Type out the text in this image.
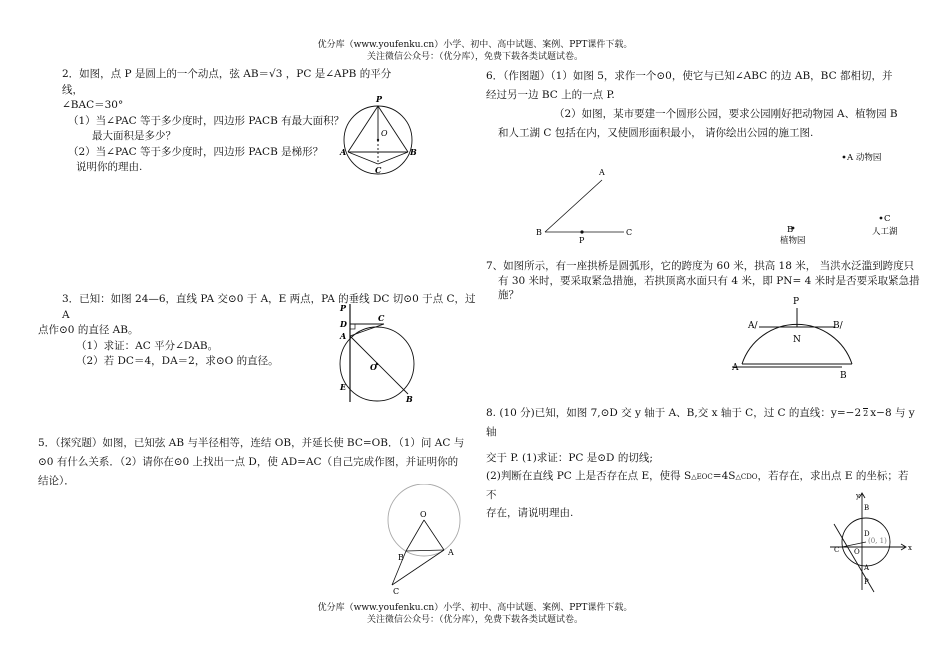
优分库（www.youfenku.cn）小学、初中、高中试题、案例、PPT课件下载。
关注微信公众号：（优分库），免费下载各类试题试卷。
优分库（www.youfenku.cn）小学、初中、高中试题、案例、PPT课件下载。
关注微信公众号：（优分库），免费下载各类试题试卷。

2．如图，点 P 是圆上的一个动点，弦 AB＝√3 ，PC 是∠APB 的平分线，

∠BAC＝30°

（1）当∠PAC 等于多少度时，四边形 PACB 有最大面积？

最大面积是多少？

（2）当∠PAC 等于多少度时，四边形 PACB 是梯形？

说明你的理由.

P
O
A	B
C

3．已知：如图 24—6，直线 PA 交⊙0 于 A，E 两点，PA 的垂线 DC 切⊙0 于点 C，过 A

点作⊙0 的直径 AB。

（1）求证：AC 平分∠DAB。

（2）若 DC＝4，DA＝2，求⊙O 的直径。

P
D
A
C
O
E
B

5．（探究题）如图，已知弦 AB 与半径相等，连结 OB，并延长使 BC=OB．（1）问 AC 与

⊙0 有什么关系．（2）请你在⊙0 上找出一点 D，使 AD=AC（自己完成作图，并证明你的

结论）．

O
B
A
C

6．（作图题）（1）如图 5，求作一个⊙0，使它与已知∠ABC 的边 AB，BC 都相切，并

经过另一边 BC 上的一点 P.

（2）如图，某市要建一个圆形公园，要求公园刚好把动物园 A、植物园 B

和人工湖 C 包括在内，又使圆形面积最小， 请你绘出公园的施工图.

A
B
P
C
A 动物园
B
植物园
C
人工湖

7、如图所示，有一座拱桥是圆弧形，它的跨度为 60 米，拱高 18 米， 当洪水泛滥到跨度只

有 30 米时，要采取紧急措施，若拱顶离水面只有 4 米，即 PN= 4 米时是否要采取紧急措施？

P
A/	B/
N
A
B

8. (10 分)已知，如图 7,⊙D 交 y 轴于 A、B,交 x 轴于 C，过 C 的直线：y=−2 2 x−8 与 y 轴

交于 P. (1)求证：PC 是⊙D 的切线;

(2)判断在直线 PC 上是否存在点 E，使得 S△EOC=4S△CDO，若存在，求出点 E 的坐标；若不

存在，请说明理由.

y
B
D
(0, 1)
C O	x
A
P
